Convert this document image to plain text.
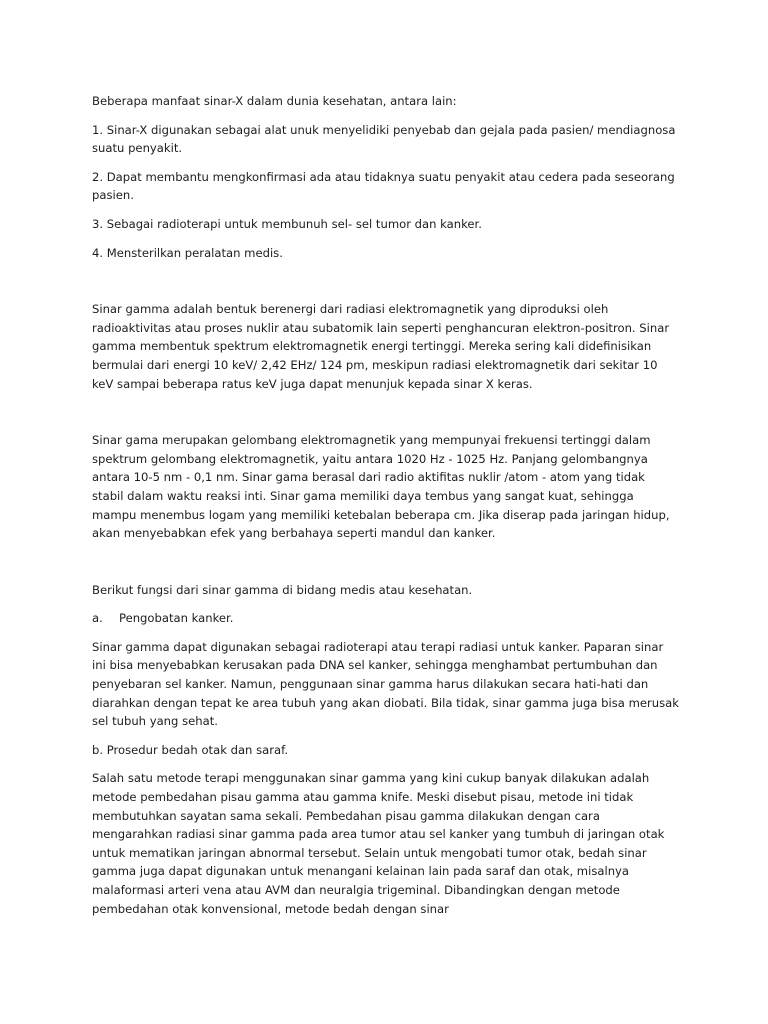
Beberapa manfaat sinar-X dalam dunia kesehatan, antara lain:

1. Sinar-X digunakan sebagai alat unuk menyelidiki penyebab dan gejala pada pasien/ mendiagnosa suatu penyakit.

2. Dapat membantu mengkonfirmasi ada atau tidaknya suatu penyakit atau cedera pada seseorang pasien.

3. Sebagai radioterapi untuk membunuh sel- sel tumor dan kanker.

4. Mensterilkan peralatan medis.

Sinar gamma adalah bentuk berenergi dari radiasi elektromagnetik yang diproduksi oleh radioaktivitas atau proses nuklir atau subatomik lain seperti penghancuran elektron-positron. Sinar gamma membentuk spektrum elektromagnetik energi tertinggi. Mereka sering kali didefinisikan bermulai dari energi 10 keV/ 2,42 EHz/ 124 pm, meskipun radiasi elektromagnetik dari sekitar 10 keV sampai beberapa ratus keV juga dapat menunjuk kepada sinar X keras.

Sinar gama merupakan gelombang elektromagnetik yang mempunyai frekuensi tertinggi dalam spektrum gelombang elektromagnetik, yaitu antara 1020 Hz - 1025 Hz. Panjang gelombangnya antara 10-5 nm - 0,1 nm. Sinar gama berasal dari radio aktifitas nuklir /atom - atom yang tidak stabil dalam waktu reaksi inti. Sinar gama memiliki daya tembus yang sangat kuat, sehingga mampu menembus logam yang memiliki ketebalan beberapa cm. Jika diserap pada jaringan hidup, akan menyebabkan efek yang berbahaya seperti mandul dan kanker.

Berikut fungsi dari sinar gamma di bidang medis atau kesehatan.

a.	Pengobatan kanker.

Sinar gamma dapat digunakan sebagai radioterapi atau terapi radiasi untuk kanker. Paparan sinar ini bisa menyebabkan kerusakan pada DNA sel kanker, sehingga menghambat pertumbuhan dan penyebaran sel kanker. Namun, penggunaan sinar gamma harus dilakukan secara hati-hati dan diarahkan dengan tepat ke area tubuh yang akan diobati. Bila tidak, sinar gamma juga bisa merusak sel tubuh yang sehat.

b. Prosedur bedah otak dan saraf.

Salah satu metode terapi menggunakan sinar gamma yang kini cukup banyak dilakukan adalah metode pembedahan pisau gamma atau gamma knife. Meski disebut pisau, metode ini tidak membutuhkan sayatan sama sekali. Pembedahan pisau gamma dilakukan dengan cara mengarahkan radiasi sinar gamma pada area tumor atau sel kanker yang tumbuh di jaringan otak untuk mematikan jaringan abnormal tersebut. Selain untuk mengobati tumor otak, bedah sinar gamma juga dapat digunakan untuk menangani kelainan lain pada saraf dan otak, misalnya malaformasi arteri vena atau AVM dan neuralgia trigeminal. Dibandingkan dengan metode pembedahan otak konvensional, metode bedah dengan sinar
